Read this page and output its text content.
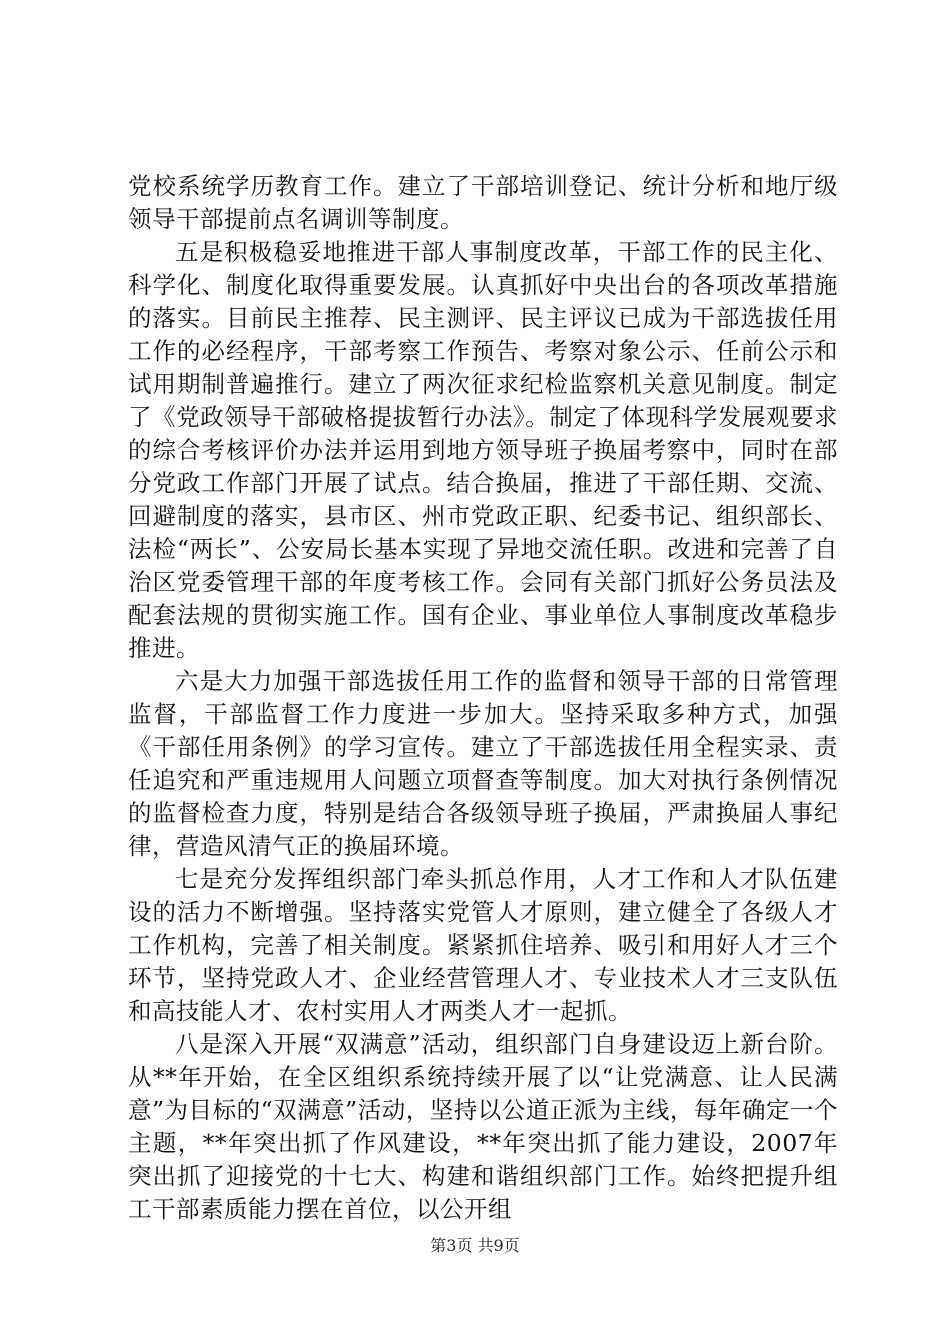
党校系统学历教育工作。建立了干部培训登记、统计分析和地厅级领导干部提前点名调训等制度。

五是积极稳妥地推进干部人事制度改革，干部工作的民主化、科学化、制度化取得重要发展。认真抓好中央出台的各项改革措施的落实。目前民主推荐、民主测评、民主评议已成为干部选拔任用工作的必经程序，干部考察工作预告、考察对象公示、任前公示和试用期制普遍推行。建立了两次征求纪检监察机关意见制度。制定了《党政领导干部破格提拔暂行办法》。制定了体现科学发展观要求的综合考核评价办法并运用到地方领导班子换届考察中，同时在部分党政工作部门开展了试点。结合换届，推进了干部任期、交流、回避制度的落实，县市区、州市党政正职、纪委书记、组织部长、法检“两长”、公安局长基本实现了异地交流任职。改进和完善了自治区党委管理干部的年度考核工作。会同有关部门抓好公务员法及配套法规的贯彻实施工作。国有企业、事业单位人事制度改革稳步推进。

六是大力加强干部选拔任用工作的监督和领导干部的日常管理监督，干部监督工作力度进一步加大。坚持采取多种方式，加强《干部任用条例》的学习宣传。建立了干部选拔任用全程实录、责任追究和严重违规用人问题立项督查等制度。加大对执行条例情况的监督检查力度，特别是结合各级领导班子换届，严肃换届人事纪律，营造风清气正的换届环境。

七是充分发挥组织部门牵头抓总作用，人才工作和人才队伍建设的活力不断增强。坚持落实党管人才原则，建立健全了各级人才工作机构，完善了相关制度。紧紧抓住培养、吸引和用好人才三个环节，坚持党政人才、企业经营管理人才、专业技术人才三支队伍和高技能人才、农村实用人才两类人才一起抓。

八是深入开展“双满意”活动，组织部门自身建设迈上新台阶。从**年开始，在全区组织系统持续开展了以“让党满意、让人民满意”为目标的“双满意”活动，坚持以公道正派为主线，每年确定一个主题，**年突出抓了作风建设，**年突出抓了能力建设，2007年突出抓了迎接党的十七大、构建和谐组织部门工作。始终把提升组工干部素质能力摆在首位，以公开组

第3页 共9页
